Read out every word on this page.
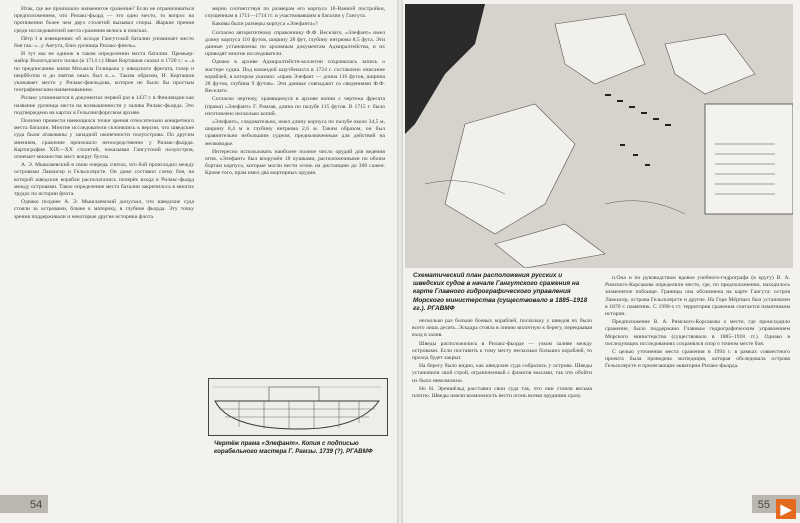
Итак, где же произошло знаменитое сражение? Если не ограничиваться предположением, что Рилакс-фьорд — это одно место, то вопрос на протяжении более чем двух столетий вызывал споры. Жаркие прения среди исследователей места сражения велись в поисках.

Пётр I в извещениях об исходе Гангутской баталии упоминает место боя так: «...у Ангута, близ урочища Рилакс-фиель».

И тут мы не одинок в таком определении места баталии. Премьер-майор Вологодского полка (в 1714 г.) Иван Корташов сказал в 1720 г.: «...а по предписанию князя Михаила Голицына у шведского фрегата, галер и шербботов и до взятия оных был я...». Таким образом, И. Корташов указывает место у Рилакс-фиельдова, которое не было бы простым географическим наименованием.

Рилакс упоминается в документах первой раз в 1437 г. в Финляндии как название урочища места на возвышенности у залива Рилакс-фьорда. Это подтверждено на картах в Гельсингфорсском архиве.

Полезно принести имеющихся точки зрения относительно конкретного места баталии. Многие исследователи склонялись к версии, что шведские суда были атакованы у западной оконечности полуострова. По другим мнениям, сражение произошло непосредственно у Рилакс-фьорда. Картография XIX—XX столетий, показывая Гангутский полуостров, отмечает множество мест вокруг бухты.

А. Э. Мышлаевский в свою очередь считал, что бой происходил между островами Лаккисер и Гельсклерсте. Он даже составил схему боя, на которой шведские корабли располагались поперёк входа в Рилакс-фьорд между островами. Такое определение места баталии закрепилось в многих трудах по истории флота.

Однако позднее А. Э. Мышлаевский допускал, что шведские суда стояли за островами, ближе к материку, в глубине фьорда. Эту точку зрения поддерживали и некоторые другие историки флота.

мерно соответствуя по размерам его корпуса 1б-Ванной постройки, спущенным в 1711—1714 гг. и участвовавшим в баталии у Гангута.

Каковы были размеры корпуса «Элефанта»?

Согласно авторитетному справочнику Ф.Ф. Веселаго, «Элефант» имел длину корпуса 116 футов, ширину 28 фут, глубину интрюма 8,5 фута. Эти данные установлены по архивным документам Адмиралтейства, и их приводят многие исследователи.

Однако в архиве Адмиралтейств-коллегии сохранилась запись о мастере судна. Под командой шаутбенахта в 1724 г. составлено описание кораблей, в котором указано: «прам Элефант — длина 116 футов, ширина 28 футов, глубина 9 футов». Эти данные совпадают со сведениями Ф.Ф. Веселаго.

Согласно чертежу, хранящемуся в архиве копии с чертежа фрегата (прама) «Элефант» Г. Рамзая, длина по палубе 115 футов. В 1715 г. было изготовлено несколько копий.

«Элефант», следовательно, имел длину корпуса по палубе около 34,5 м, ширину 8,4 м и глубину интрюма 2,6 м. Таким образом, он был сравнительно небольшим судном, предназначенным для действий на мелководье.

Интересно использовать наиболее полное число орудий для ведения огня. «Элефант» был вооружён 18 пушками, расположенными по обоим бортам корпуса, которые могли вести огонь на дистанцию до 300 сажен. Кроме того, прам имел два мортирных орудия.

Чертёж прама «Элефант». Копия с подписью корабельного мастера Г. Рамзы. 1739 (?). РГАВМФ
Схематический план расположения русских и шведских судов в начале Гангутского сражения на карте Главного гидрографического управления Морского министерства (существовало в 1885–1918 гг.). РГАВМФ

несколько раз больше боевых кораблей, поскольку у шведов их было всего лишь десять. Эскадра стояла в линию вплотную к берегу, перекрывая вход в залив.

Шведы расположились в Рилакс-фьорде — узком заливе между островами. Если поставить к тому месту несколько больших кораблей, то проход будет закрыт.

На берегу было видно, как шведские суда собрались у острова. Шведы установили свой строй, ограниченный с флангов мысами, так что обойти их было невозможно.

Но Н. Эреншёльд расставил свои суда так, что они стояли весьма плотно. Шведы имели возможность вести огонь всеми орудиями сразу.

п.Она и по руководством вдовое учебного-гидрографа (в кругу) В. А. Римского-Корсакова определили место, где, по предположению, находилось знаменитое побоище. Границы она обозначена на карте Гангута: остров Лаккисер, острова Гельсклерсте и другие. На Горе Мёртвых был установлен в 1870 г. памятник. С 1990-х гг. территория сражения считается памятником истории.

Предположение В. А. Римского-Корсакова о месте, где происходило сражение, было поддержано Главным гидрографическим управлением Морского министерства (существовало в 1885–1918 гг.). Однако в последующих исследованиях сохранялся спор о точном месте боя.

С целью уточнения места сражения в 1994 г. в рамках совместного проекта была проведена экспедиция, которая обследовала острова Гельсклерсте и прилегающие акватории Рилакс-фьорда.

54	55 ▶
